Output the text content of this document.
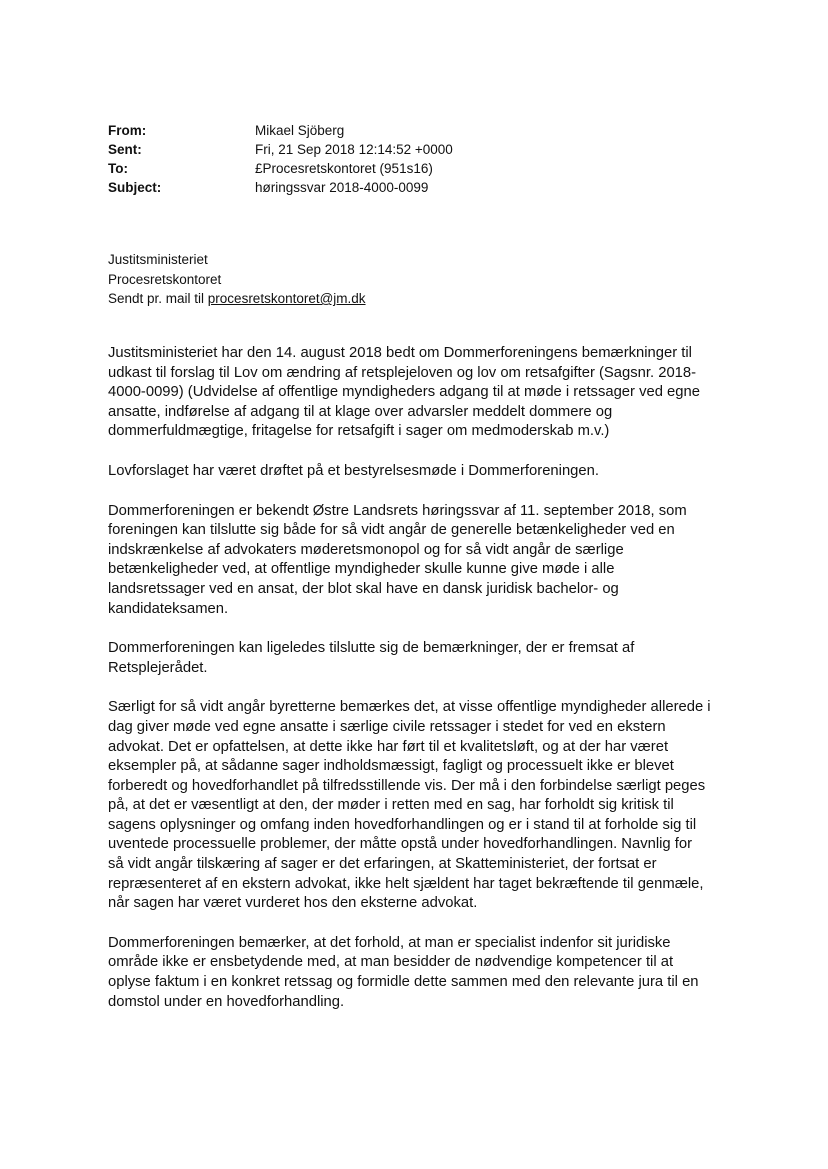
From:	Mikael Sjöberg
Sent:	Fri, 21 Sep 2018 12:14:52 +0000
To:	£Procesretskontoret (951s16)
Subject:	høringssvar 2018-4000-0099
Justitsministeriet
Procesretskontoret
Sendt pr. mail til procesretskontoret@jm.dk
Justitsministeriet har den 14. august 2018 bedt om Dommerforeningens bemærkninger til
udkast til forslag til Lov om ændring af retsplejeloven og lov om retsafgifter (Sagsnr. 2018-
4000-0099) (Udvidelse af offentlige myndigheders adgang til at møde i retssager ved egne
ansatte, indførelse af adgang til at klage over advarsler meddelt dommere og
dommerfuldmægtige, fritagelse for retsafgift i sager om medmoderskab m.v.)
Lovforslaget har været drøftet på et bestyrelsesmøde i Dommerforeningen.
Dommerforeningen er bekendt Østre Landsrets høringssvar af 11. september 2018, som
foreningen kan tilslutte sig både for så vidt angår de generelle betænkeligheder ved en
indskrænkelse af advokaters møderetsmonopol og for så vidt angår de særlige
betænkeligheder ved, at offentlige myndigheder skulle kunne give møde i alle
landsretssager ved en ansat, der blot skal have en dansk juridisk bachelor- og
kandidateksamen.
Dommerforeningen kan ligeledes tilslutte sig de bemærkninger, der er fremsat af
Retsplejerådet.
Særligt for så vidt angår byretterne bemærkes det, at visse offentlige myndigheder allerede i
dag giver møde ved egne ansatte i særlige civile retssager i stedet for ved en ekstern
advokat. Det er opfattelsen, at dette ikke har ført til et kvalitetsløft, og at der har været
eksempler på, at sådanne sager indholdsmæssigt, fagligt og processuelt ikke er blevet
forberedt og hovedforhandlet på tilfredsstillende vis. Der må i den forbindelse særligt peges
på, at det er væsentligt at den, der møder i retten med en sag, har forholdt sig kritisk til
sagens oplysninger og omfang inden hovedforhandlingen og er i stand til at forholde sig til
uventede processuelle problemer, der måtte opstå under hovedforhandlingen. Navnlig for
så vidt angår tilskæring af sager er det erfaringen, at Skatteministeriet, der fortsat er
repræsenteret af en ekstern advokat, ikke helt sjældent har taget bekræftende til genmæle,
når sagen har været vurderet hos den eksterne advokat.
Dommerforeningen bemærker, at det forhold, at man er specialist indenfor sit juridiske
område ikke er ensbetydende med, at man besidder de nødvendige kompetencer til at
oplyse faktum i en konkret retssag og formidle dette sammen med den relevante jura til en
domstol under en hovedforhandling.
